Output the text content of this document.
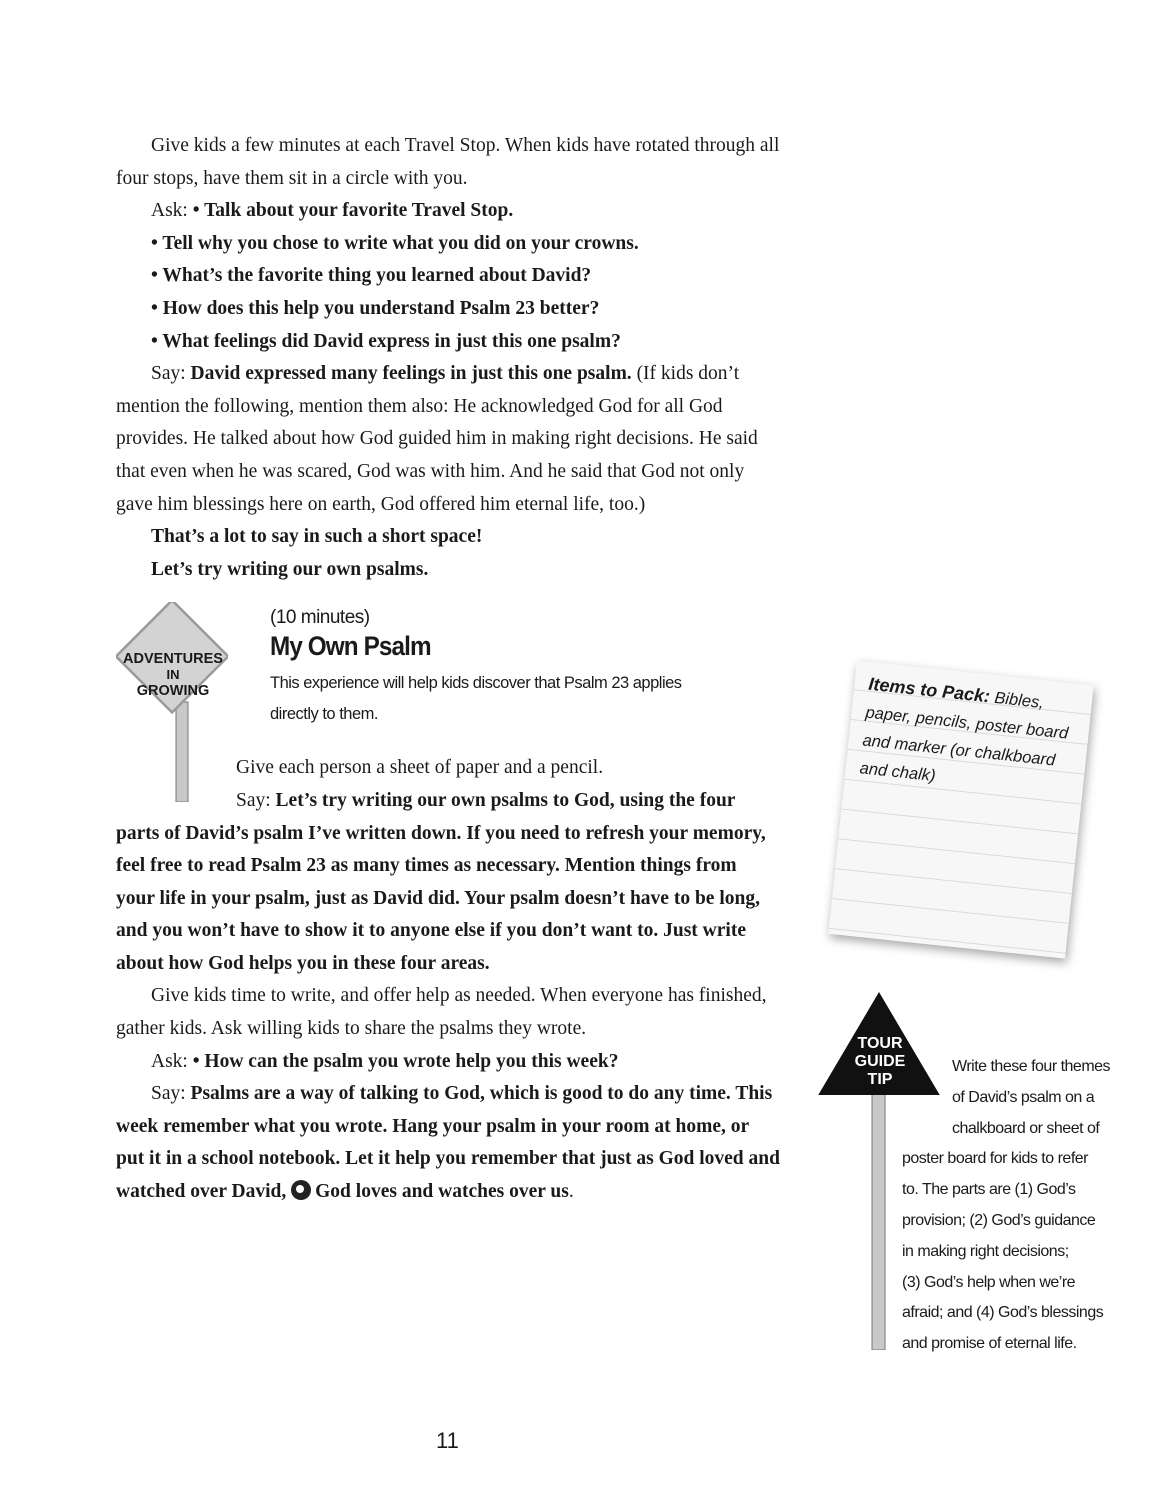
Give kids a few minutes at each Travel Stop. When kids have rotated through all four stops, have them sit in a circle with you.

Ask: • Talk about your favorite Travel Stop.

• Tell why you chose to write what you did on your crowns.

• What’s the favorite thing you learned about David?

• How does this help you understand Psalm 23 better?

• What feelings did David express in just this one psalm?

Say: David expressed many feelings in just this one psalm. (If kids don’t mention the following, mention them also: He acknowledged God for all God provides. He talked about how God guided him in making right decisions. He said that even when he was scared, God was with him. And he said that God not only gave him blessings here on earth, God offered him eternal life, too.)

That’s a lot to say in such a short space!

Let’s try writing our own psalms.

ADVENTURES
IN
GROWING
(10 minutes)
My Own Psalm
This experience will help kids discover that Psalm 23 applies directly to them.

Give each person a sheet of paper and a pencil.

Say: Let’s try writing our own psalms to God, using the four parts of David’s psalm I’ve written down. If you need to refresh your memory, feel free to read Psalm 23 as many times as necessary. Mention things from your life in your psalm, just as David did. Your psalm doesn’t have to be long, and you won’t have to show it to anyone else if you don’t want to. Just write about how God helps you in these four areas.

Give kids time to write, and offer help as needed. When everyone has finished, gather kids. Ask willing kids to share the psalms they wrote.

Ask: • How can the psalm you wrote help you this week?

Say: Psalms are a way of talking to God, which is good to do any time. This week remember what you wrote. Hang your psalm in your room at home, or put it in a school notebook. Let it help you remember that just as God loved and watched over David, God loves and watches over us.

Items to Pack: Bibles, paper, pencils, poster board and marker (or chalkboard and chalk)
TOUR
GUIDE
TIP
Write these four themes
of David’s psalm on a
chalkboard or sheet of
poster board for kids to refer
to. The parts are (1) God’s
provision; (2) God’s guidance
in making right decisions;
(3) God’s help when we’re
afraid; and (4) God’s blessings
and promise of eternal life.
11
